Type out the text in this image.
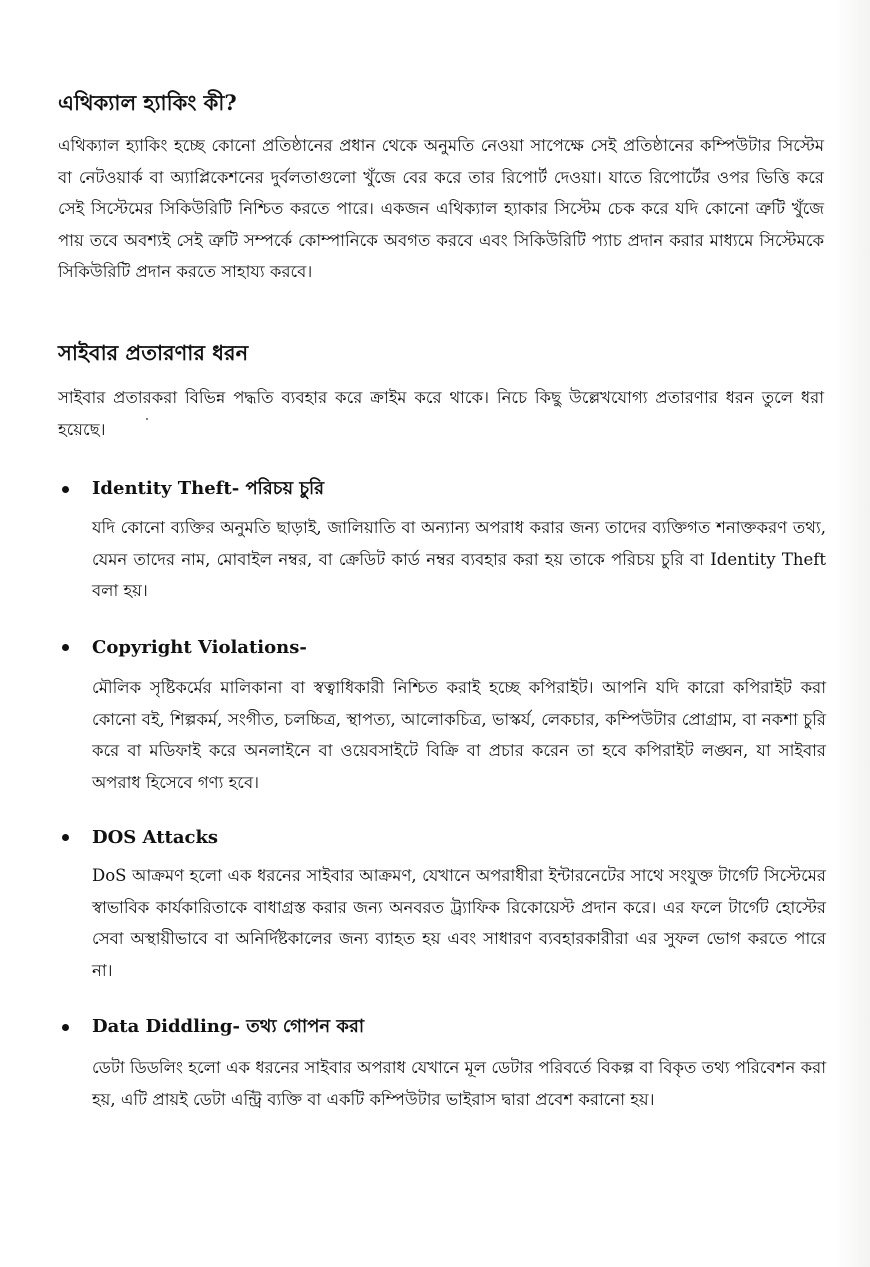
এথিক্যাল হ্যাকিং কী?

এথিক্যাল হ্যাকিং হচ্ছে কোনো প্রতিষ্ঠানের প্রধান থেকে অনুমতি নেওয়া সাপেক্ষে সেই প্রতিষ্ঠানের কম্পিউটার সিস্টেম বা নেটওয়ার্ক বা অ্যাপ্লিকেশনের দুর্বলতাগুলো খুঁজে বের করে তার রিপোর্ট দেওয়া। যাতে রিপোর্টের ওপর ভিত্তি করে সেই সিস্টেমের সিকিউরিটি নিশ্চিত করতে পারে। একজন এথিক্যাল হ্যাকার সিস্টেম চেক করে যদি কোনো ত্রুটি খুঁজে পায় তবে অবশ্যই সেই ত্রুটি সম্পর্কে কোম্পানিকে অবগত করবে এবং সিকিউরিটি প্যাচ প্রদান করার মাধ্যমে সিস্টেমকে সিকিউরিটি প্রদান করতে সাহায্য করবে।

সাইবার প্রতারণার ধরন

সাইবার প্রতারকরা বিভিন্ন পদ্ধতি ব্যবহার করে ক্রাইম করে থাকে। নিচে কিছু উল্লেখযোগ্য প্রতারণার ধরন তুলে ধরা হয়েছে।

Identity Theft- পরিচয় চুরি

যদি কোনো ব্যক্তির অনুমতি ছাড়াই, জালিয়াতি বা অন্যান্য অপরাধ করার জন্য তাদের ব্যক্তিগত শনাক্তকরণ তথ্য, যেমন তাদের নাম, মোবাইল নম্বর, বা ক্রেডিট কার্ড নম্বর ব্যবহার করা হয় তাকে পরিচয় চুরি বা Identity Theft বলা হয়।

Copyright Violations-

মৌলিক সৃষ্টিকর্মের মালিকানা বা স্বত্বাধিকারী নিশ্চিত করাই হচ্ছে কপিরাইট। আপনি যদি কারো কপিরাইট করা কোনো বই, শিল্পকর্ম, সংগীত, চলচ্চিত্র, স্থাপত্য, আলোকচিত্র, ভাস্কর্য, লেকচার, কম্পিউটার প্রোগ্রাম, বা নকশা চুরি করে বা মডিফাই করে অনলাইনে বা ওয়েবসাইটে বিক্রি বা প্রচার করেন তা হবে কপিরাইট লঙ্ঘন, যা সাইবার অপরাধ হিসেবে গণ্য হবে।

DOS Attacks

DoS আক্রমণ হলো এক ধরনের সাইবার আক্রমণ, যেখানে অপরাধীরা ইন্টারনেটের সাথে সংযুক্ত টার্গেট সিস্টেমের স্বাভাবিক কার্যকারিতাকে বাধাগ্রস্ত করার জন্য অনবরত ট্র্যাফিক রিকোয়েস্ট প্রদান করে। এর ফলে টার্গেট হোস্টের সেবা অস্থায়ীভাবে বা অনির্দিষ্টকালের জন্য ব্যাহত হয় এবং সাধারণ ব্যবহারকারীরা এর সুফল ভোগ করতে পারে না।

Data Diddling- তথ্য গোপন করা

ডেটা ডিডলিং হলো এক ধরনের সাইবার অপরাধ যেখানে মূল ডেটার পরিবর্তে বিকল্প বা বিকৃত তথ্য পরিবেশন করা হয়, এটি প্রায়ই ডেটা এন্ট্রি ব্যক্তি বা একটি কম্পিউটার ভাইরাস দ্বারা প্রবেশ করানো হয়।
